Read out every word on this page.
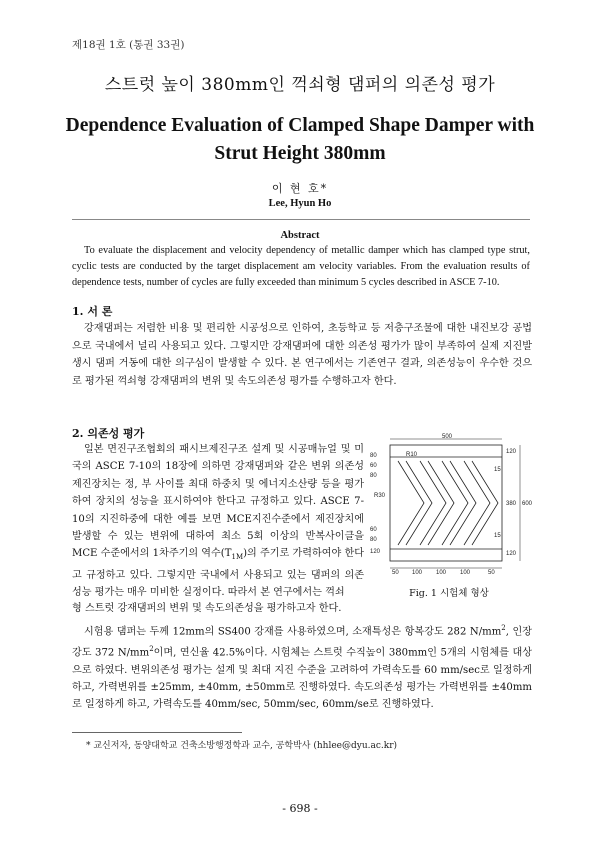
제18권 1호 (통권 33권)
스트럿 높이 380mm인 꺽쇠형 댐퍼의 의존성 평가
Dependence Evaluation of Clamped Shape Damper with Strut Height 380mm
이 현 호*
Lee, Hyun Ho
Abstract
To evaluate the displacement and velocity dependency of metallic damper which has clamped type strut, cyclic tests are conducted by the target displacement am velocity variables. From the evaluation results of dependence tests, number of cycles are fully exceeded than minimum 5 cycles described in ASCE 7-10.
1. 서 론
강재댐퍼는 저렴한 비용 및 편리한 시공성으로 인하여, 초등학교 등 저층구조물에 대한 내진보강 공법으로 국내에서 널리 사용되고 있다. 그렇지만 강재댐퍼에 대한 의존성 평가가 많이 부족하여 실제 지진발생시 댐퍼 거동에 대한 의구심이 발생할 수 있다. 본 연구에서는 기존연구 결과, 의존성능이 우수한 것으로 평가된 꺽쇠형 강재댐퍼의 변위 및 속도의존성 평가를 수행하고자 한다.
2. 의존성 평가
일본 면진구조협회의 패시브제진구조 설계 및 시공매뉴얼 및 미국의 ASCE 7-10의 18장에 의하면 강재댐퍼와 같은 변위 의존성 제진장치는 정, 부 사이를 최대 하중치 및 에너지소산량 등을 평가하여 장치의 성능을 표시하여야 한다고 규정하고 있다. ASCE 7-10의 지진하중에 대한 예를 보면 MCE지진수준에서 제진장치에 발생할 수 있는 변위에 대하여 최소 5회 이상의 반복사이클을 MCE 수준에서의 1차주기의 역수$(T_{1M})$의 주기로 가력하여야 한다고 규정하고 있다. 그렇지만 국내에서 사용되고 있는 댐퍼의 의존성능 평가는 매우 미비한 실정이다. 따라서 본 연구에서는 꺽쇠
형 스트럿 강재댐퍼의 변위 및 속도의존성을 평가하고자 한다.
시험용 댐퍼는 두께 12mm의 SS400 강재를 사용하였으며, 소재특성은 항복강도 282 $N/mm^2$, 인장강도 372 $N/mm^2$이며, 연신율 42.5%이다. 시험체는 스트럿 수직높이 380mm인 5개의 시험체를 대상으로 하였다. 변위의존성 평가는 설계 및 최대 지진 수준을 고려하여 가력속도를 60 mm/sec로 일정하게 하고, 가력변위를 ±25mm, ±40mm, ±50mm로 진행하였다. 속도의존성 평가는 가력변위를 ±40mm로 일정하게 하고, 가력속도를 40mm/sec, 50mm/sec, 60mm/se로 진행하였다.
500
R10
R30
120
120
380
15
15
600
80
60
80
60
80
120
50 100 100 100	50
Fig. 1 시험체 형상
* 교신저자, 동양대학교 건축소방행정학과 교수, 공학박사 (hhlee@dyu.ac.kr)
- 698 -
